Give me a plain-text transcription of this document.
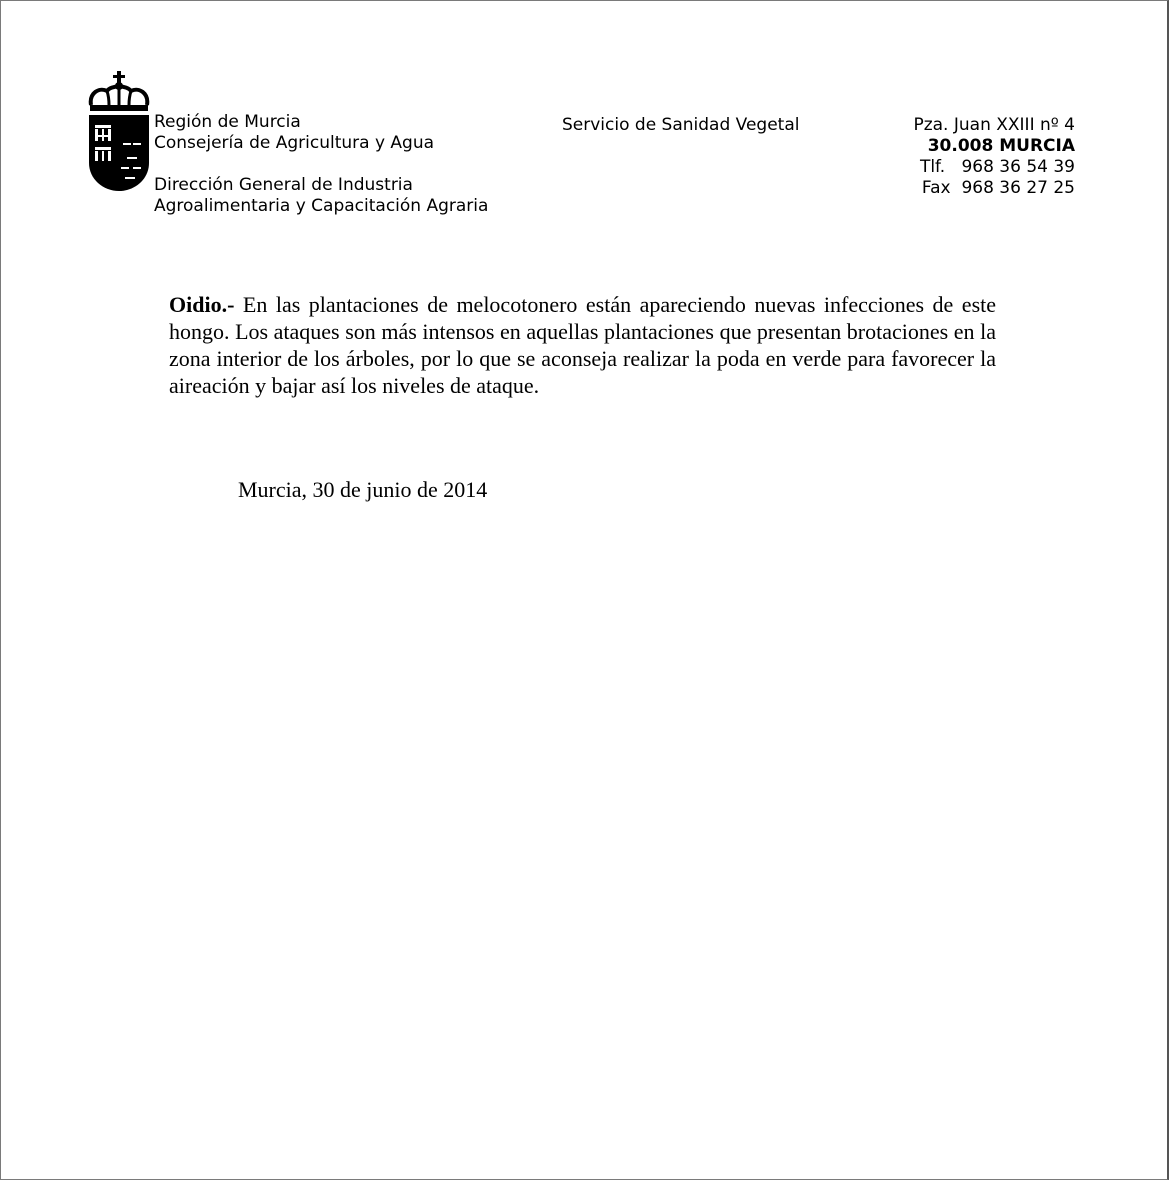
Región de Murcia
Consejería de Agricultura y Agua
Dirección General de Industria
Agroalimentaria y Capacitación Agraria
Servicio de Sanidad Vegetal	Pza. Juan XXIII nº 4
30.008 MURCIA
Tlf. 968 36 54 39
Fax 968 36 27 25

Oidio.- En las plantaciones de melocotonero están apareciendo nuevas infecciones de este hongo. Los ataques son más intensos en aquellas plantaciones que presentan brotaciones en la zona interior de los árboles, por lo que se aconseja realizar la poda en verde para favorecer la aireación y bajar así los niveles de ataque.

Murcia, 30 de junio de 2014
